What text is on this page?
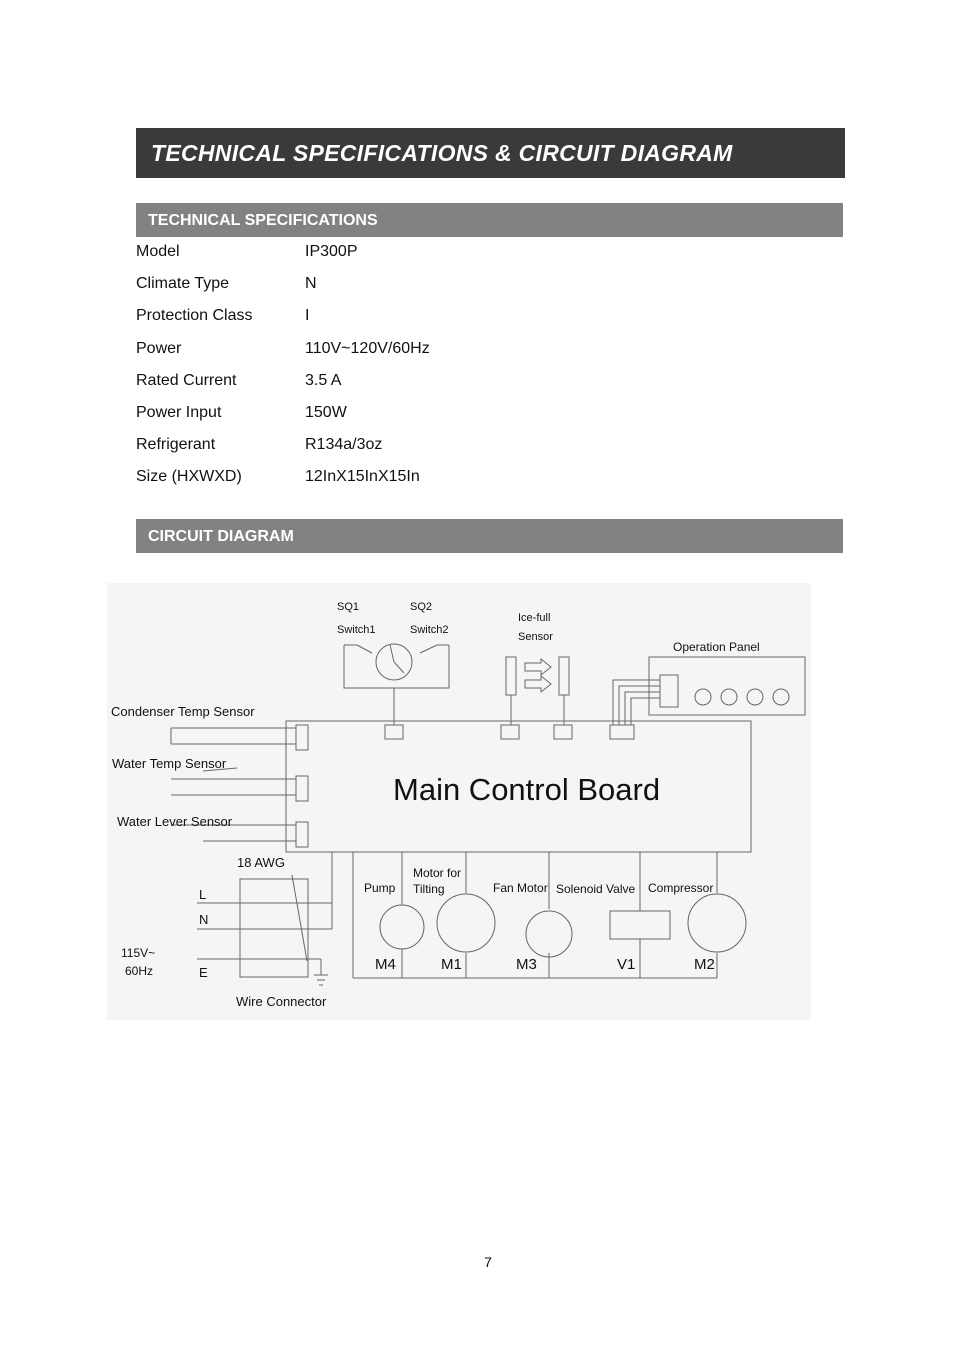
TECHNICAL SPECIFICATIONS & CIRCUIT DIAGRAM
TECHNICAL SPECIFICATIONS
Model	IP300P
Climate Type	N
Protection Class	I
Power	110V~120V/60Hz
Rated Current	3.5 A
Power Input	150W
Refrigerant	R134a/3oz
Size (HXWXD)	12InX15InX15In
CIRCUIT DIAGRAM
SQ1	SQ2
Switch1	Switch2
Ice-full
Sensor
Operation Panel
Condenser Temp Sensor
Water Temp Sensor
Water Lever Sensor
Main Control Board
18 AWG
L
N
E
115V~
60Hz
Wire Connector
Pump
Motor for
Tilting	Fan Motor Solenoid Valve Compressor
M4	M1	M3	V1	M2
7
